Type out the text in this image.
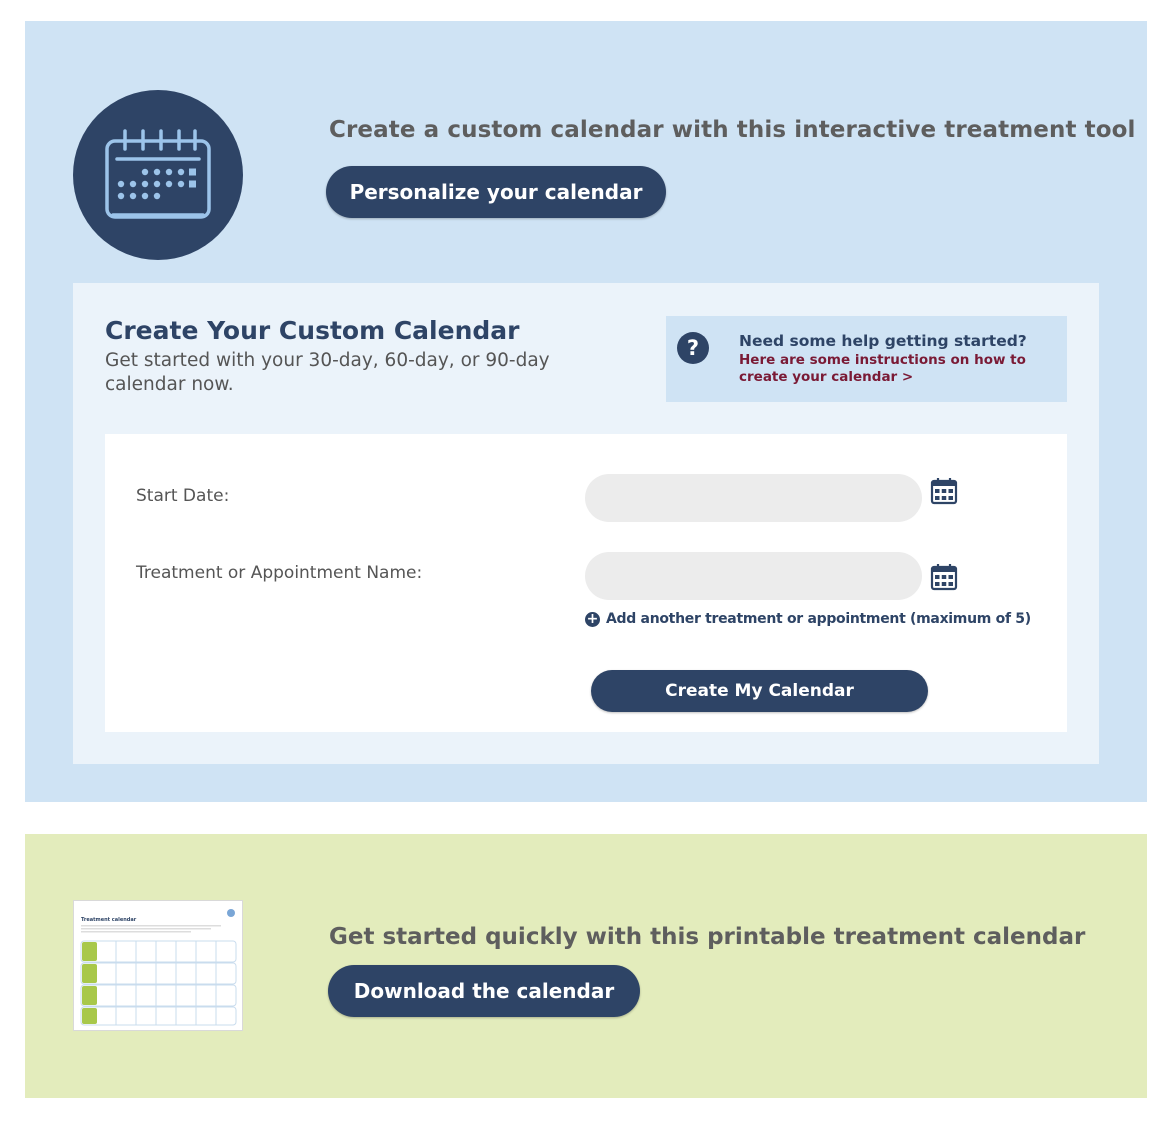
Create a custom calendar with this interactive treatment tool
Personalize your calendar
Create Your Custom Calendar

Get started with your 30-day, 60-day, or 90-day calendar now.

?	Need some help getting started?
Here are some instructions on how to create your calendar >
Start Date:
Treatment or Appointment Name:
+ Add another treatment or appointment (maximum of 5)
Create My Calendar
Treatment calendar
Get started quickly with this printable treatment calendar
Download the calendar
